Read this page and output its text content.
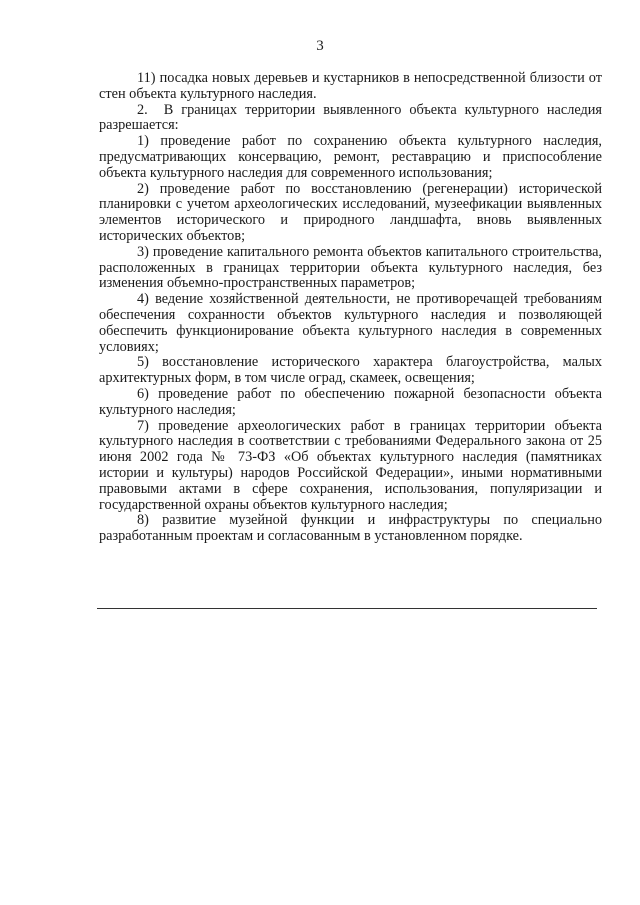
3

11) посадка новых деревьев и кустарников в непосредственной близости от стен объекта культурного наследия.

2.  В границах территории выявленного объекта культурного наследия разрешается:

1) проведение работ по сохранению объекта культурного наследия, предусматривающих консервацию, ремонт, реставрацию и приспособление объекта культурного наследия для современного использования;

2) проведение работ по восстановлению (регенерации) исторической планировки с учетом археологических исследований, музеефикации выявленных элементов исторического и природного ландшафта, вновь выявленных исторических объектов;

3) проведение капитального ремонта объектов капитального строительства, расположенных в границах территории объекта культурного наследия, без изменения объемно-пространственных параметров;

4) ведение хозяйственной деятельности, не противоречащей требованиям обеспечения сохранности объектов культурного наследия и позволяющей обеспечить функционирование объекта культурного наследия в современных условиях;

5) восстановление исторического характера благоустройства, малых архитектурных форм, в том числе оград, скамеек, освещения;

6) проведение работ по обеспечению пожарной безопасности объекта культурного наследия;

7) проведение археологических работ в границах территории объекта культурного наследия в соответствии с требованиями Федерального закона от 25 июня 2002 года № 73-ФЗ «Об объектах культурного наследия (памятниках истории и культуры) народов Российской Федерации», иными нормативными правовыми актами в сфере сохранения, использования, популяризации и государственной охраны объектов культурного наследия;

8) развитие музейной функции и инфраструктуры по специально разработанным проектам и согласованным в установленном порядке.
